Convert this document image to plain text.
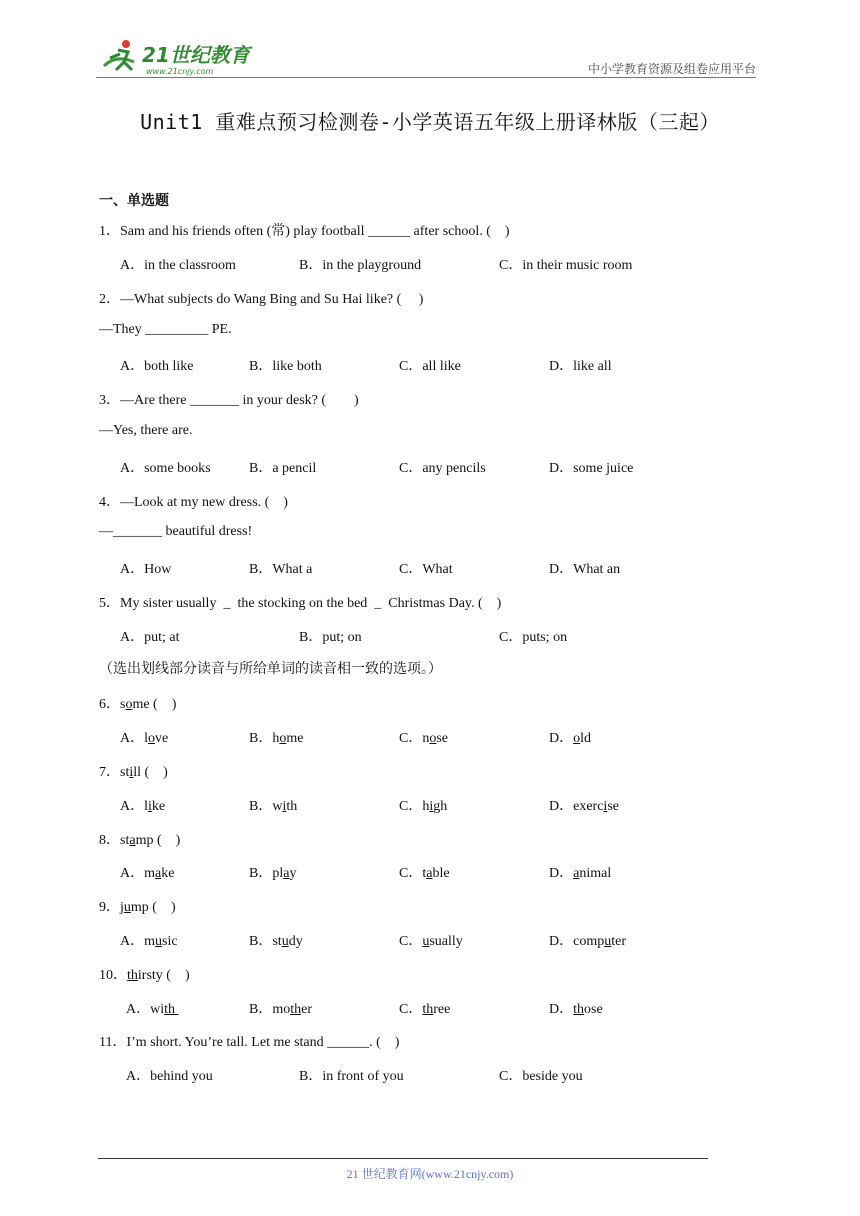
21世纪教育
www.21cnjy.com	中小学教育资源及组卷应用平台
Unit1 重难点预习检测卷-小学英语五年级上册译林版（三起）
一、单选题
1．Sam and his friends often (常) play football ______ after school. (    )
A．in the classroom	B．in the playground	C．in their music room
2．—What subjects do Wang Bing and Su Hai like? (     )
—They _________ PE.
A．both like	B．like both	C．all like	D．like all
3．—Are there _______ in your desk? (        )
—Yes, there are.
A．some books	B．a pencil	C．any pencils	D．some juice
4．—Look at my new dress. (    )
—_______ beautiful dress!
A．How	B．What a	C．What	D．What an
5．My sister usually  _  the stocking on the bed  _  Christmas Day. (    )
A．put; at	B．put; on	C．puts; on
（选出划线部分读音与所给单词的读音相一致的选项。）
6．some (    )
A．love	B．home	C．nose	D．old
7．still (    )
A．like	B．with	C．high	D．exercise
8．stamp (    )
A．make	B．play	C．table	D．animal
9．jump (    )
A．music	B．study	C．usually	D．computer
10．thirsty (    )
A．with	B．mother	C．three	D．those
11．I’m short. You’re tall. Let me stand ______. (    )
A．behind you	B．in front of you	C．beside you
21 世纪教育网(www.21cnjy.com)
